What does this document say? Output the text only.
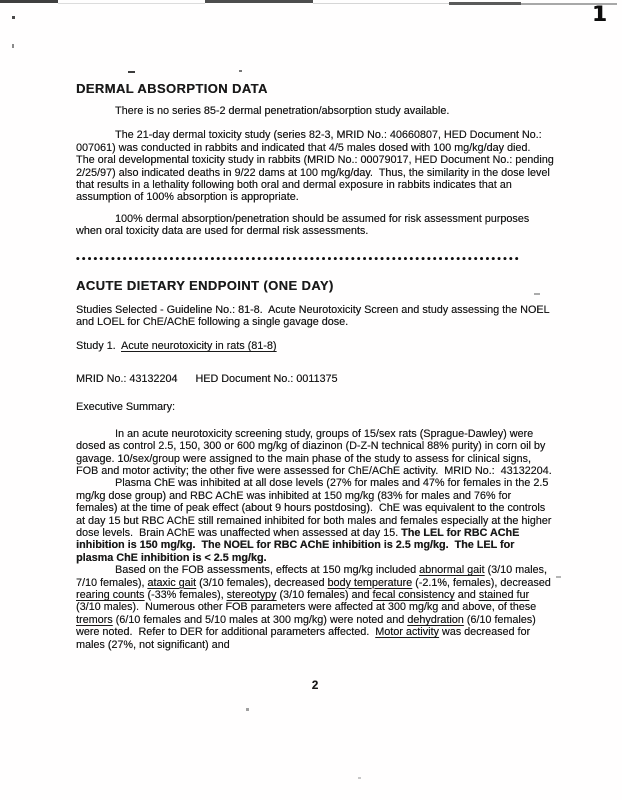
1
DERMAL ABSORPTION DATA

There is no series 85-2 dermal penetration/absorption study available.

The 21-day dermal toxicity study (series 82-3, MRID No.: 40660807, HED Document No.: 007061) was conducted in rabbits and indicated that 4/5 males dosed with 100 mg/kg/day died.  The oral developmental toxicity study in rabbits (MRID No.: 00079017, HED Document No.: pending 2/25/97) also indicated deaths in 9/22 dams at 100 mg/kg/day.  Thus, the similarity in the dose level that results in a lethality following both oral and dermal exposure in rabbits indicates that an assumption of 100% absorption is appropriate.

100% dermal absorption/penetration should be assumed for risk assessment purposes when oral toxicity data are used for dermal risk assessments.

••••••••••••••••••••••••••••••••••••••••••••••••••••••••••••••••••••••••••••

ACUTE DIETARY ENDPOINT (ONE DAY)

Studies Selected - Guideline No.: 81-8.  Acute Neurotoxicity Screen and study assessing the NOEL and LOEL for ChE/AChE following a single gavage dose.

Study 1.  Acute neurotoxicity in rats (81-8)

MRID No.: 43132204      HED Document No.: 0011375

Executive Summary:

In an acute neurotoxicity screening study, groups of 15/sex rats (Sprague-Dawley) were dosed as control 2.5, 150, 300 or 600 mg/kg of diazinon (D-Z-N technical 88% purity) in corn oil by gavage. 10/sex/group were assigned to the main phase of the study to assess for clinical signs, FOB and motor activity; the other five were assessed for ChE/AChE activity.  MRID No.:  43132204.

Plasma ChE was inhibited at all dose levels (27% for males and 47% for females in the 2.5 mg/kg dose group) and RBC AChE was inhibited at 150 mg/kg (83% for males and 76% for females) at the time of peak effect (about 9 hours postdosing).  ChE was equivalent to the controls at day 15 but RBC AChE still remained inhibited for both males and females especially at the higher dose levels.  Brain AChE was unaffected when assessed at day 15. The LEL for RBC AChE inhibition is 150 mg/kg.  The NOEL for RBC AChE inhibition is 2.5 mg/kg.  The LEL for plasma ChE inhibition is < 2.5 mg/kg.

Based on the FOB assessments, effects at 150 mg/kg included abnormal gait (3/10 males, 7/10 females), ataxic gait (3/10 females), decreased body temperature (-2.1%, females), decreased rearing counts (-33% females), stereotypy (3/10 females) and fecal consistency and stained fur (3/10 males).  Numerous other FOB parameters were affected at 300 mg/kg and above, of these tremors (6/10 females and 5/10 males at 300 mg/kg) were noted and dehydration (6/10 females) were noted.  Refer to DER for additional parameters affected.  Motor activity was decreased for males (27%, not significant) and

2
